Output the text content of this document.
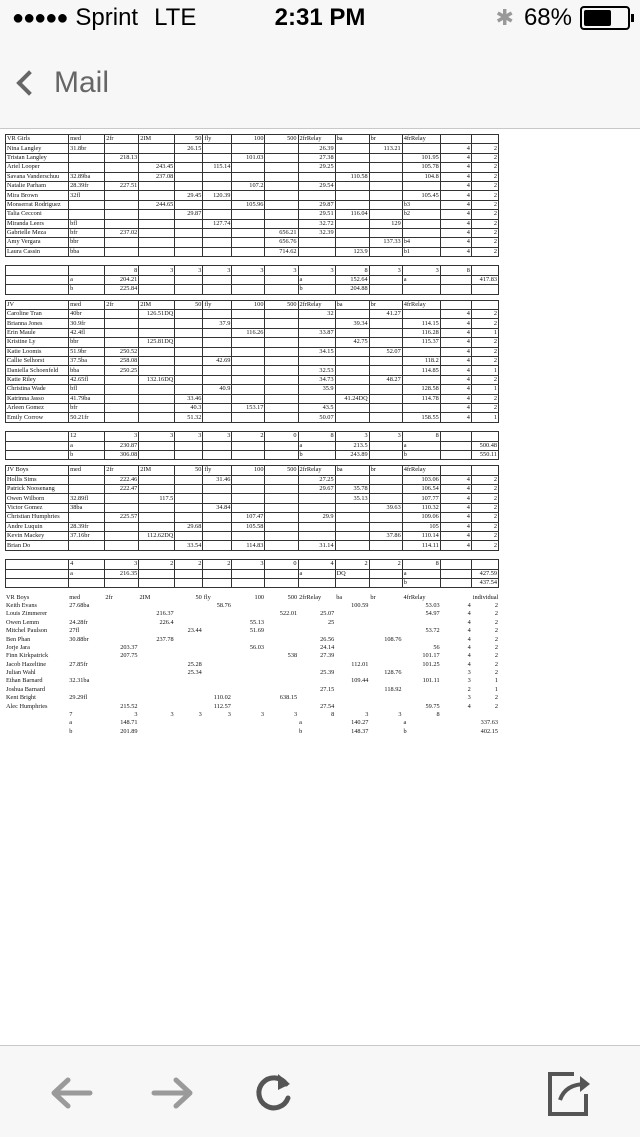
●●●●● Sprint LTE	2:31 PM	✱ 68%
Mail
VR Girls	med	2fr	2IM	50	fly	100	500	2frRelay	ba	br	4frRelay		
Nina Langley	31.8br			26.15				26.39		113.21		4	2
Tristan Langley		218.13				101.03		27.38			101.95	4	2
Ariel Looper			243.45		115.14			29.25			105.78	4	2
Savana Vanderschuu	32.89ba		237.08						110.58		104.8	4	2
Natalie Parham	28.39fr	227.51				107.2		29.54				4	2
Mira Brown	32fl			29.45	120.39						105.45	4	2
Monserrat Rodriguez			244.65			105.96		29.87			b3	4	2
Talia Cecconi				29.87				29.51	116.04		b2	4	2
Miranda Leers	bfl				127.74			32.72		129		4	2
Gabrielle Meza	bfr	237.02					656.21	32.39				4	2
Amy Vergara	bbr						656.76			137.33	b4	4	2
Laura Cassin	bba						714.62		123.9		b1	4	2

		8	3	3	3	3	3	3	8	3	3	8	
	a	204.21						a	152.64		a		417.83
	b	225.84						b	204.88				
JV	med	2fr	2IM	50	fly	100	500	2frRelay	ba	br	4frRelay		
Caroline Tran	40br		126.51DQ					32		41.27		4	2
Brianna Jones	30.9fr				37.9				39.34		114.15	4	2
Erin Maule	42.4fl					116.26		33.87			116.28	4	1
Kristine Ly	bbr		125.81DQ						42.75		115.37	4	2
Katie Loomis	51.9br	250.52						34.15		52.07		4	2
Callie Selhorst	37.5ba	258.08			42.69						118.2	4	2
Daniella Schoenfeld	bba	250.25						32.53			114.85	4	1
Katie Riley	42.65fl		132.16DQ					34.73		48.27		4	2
Christina Wade	bfl				40.9			35.9			128.58	4	1
Katrinna Jasso	41.79ba			33.46					41.24DQ		114.78	4	2
Arleen Gomez	bfr			40.3		153.17		43.5				4	2
Emily Corrow	50.21fr			51.32				50.07			158.55	4	1

	12	3	3	3	3	2	0	8	3	3	8		
	a	230.87						a	213.5		a		500.48
	b	306.08						b	243.89		b		550.11
JV Boys	med	2fr	2IM	50	fly	100	500	2frRelay	ba	br	4frRelay		
Hollis Sims		222.46			31.46			27.25			103.06	4	2
Patrick Noosenang		222.47						29.67	35.78		106.54	4	2
Owen Wilborn	32.89fl		117.5						35.13		107.77	4	2
Victor Gomez	38ba				34.84					39.63	110.32	4	2
Christian Humphries		225.57				107.47		29.9			109.06	4	2
Andre Luquin	28.39fr			29.68		105.58					105	4	2
Kevin Mackey	37.16br		112.62DQ							37.86	110.14	4	2
Brian Do				33.54		114.83		31.14			114.11	4	2

	4	3	2	2	2	3	0	4	2	2	8		
	a	216.35						a	DQ		a		427.59
											b		437.54
VR Boys	med	2fr	2IM	50	fly	100	500	2frRelay	ba	br	4frRelay		individual
Keith Evans	27.68ba				58.76				100.59		53.03	4	2
Louis Zimmerer			216.37				522.01	25.07			54.97	4	2
Owen Lemm	24.28fr		226.4			55.13		25				4	2
Mitchel Paulson	27fl			23.44		51.69					53.72	4	2
Ben Phan	30.88br		237.78					26.56		108.76		4	2
Jorje Jara		203.37				56.03		24.14			56	4	2
Finn Kirkpatrick		207.75					538	27.39			101.17	4	2
Jacob Hazeltine	27.85fr			25.28					112.01		101.25	4	2
Julian Wahl				25.34				25.39		128.76		3	2
Ethan Barnard	32.31ba								109.44		101.11	3	1
Joshua Barnard								27.15		118.92		2	1
Kent Bright	29.29fl				110.02		638.15					3	2
Alec Humphries		215.52			112.57			27.54			59.75	4	2
	7	3	3	3	3	3	3	8	3	3	8		
	a	148.71						a	140.27		a		337.63
	b	201.89						b	148.37		b		402.15
